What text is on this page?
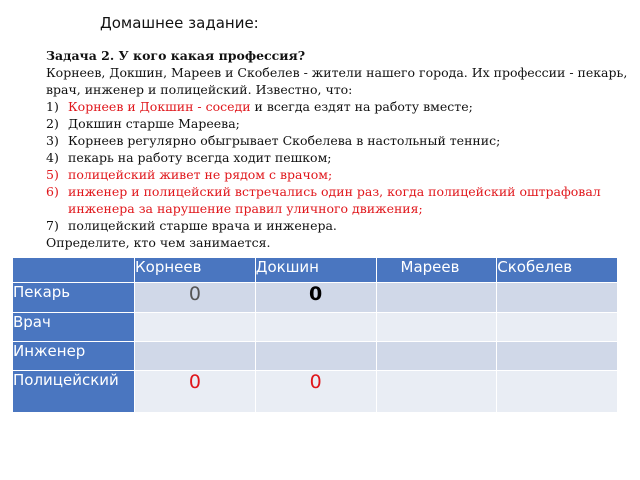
Домашнее задание:

Задача 2. У кого какая профессия?

Корнеев, Докшин, Мареев и Скобелев - жители нашего города. Их профессии - пекарь, врач, инженер и полицейский. Известно, что:

1) Корнеев и Докшин - соседи и всегда ездят на работу вместе;
2) Докшин старше Мареева;
3) Корнеев регулярно обыгрывает Скобелева в настольный теннис;
4) пекарь на работу всегда ходит пешком;
5) полицейский живет не рядом с врачом;
6) инженер и полицейский встречались один раз, когда полицейский оштрафовал инженера за нарушение правил уличного движения;
7) полицейский старше врача и инженера.

Определите, кто чем занимается.

	Корнеев	Докшин	Мареев	Скобелев
Пекарь	0	0		
Врач				
Инженер				
Полицейский	0	0		
